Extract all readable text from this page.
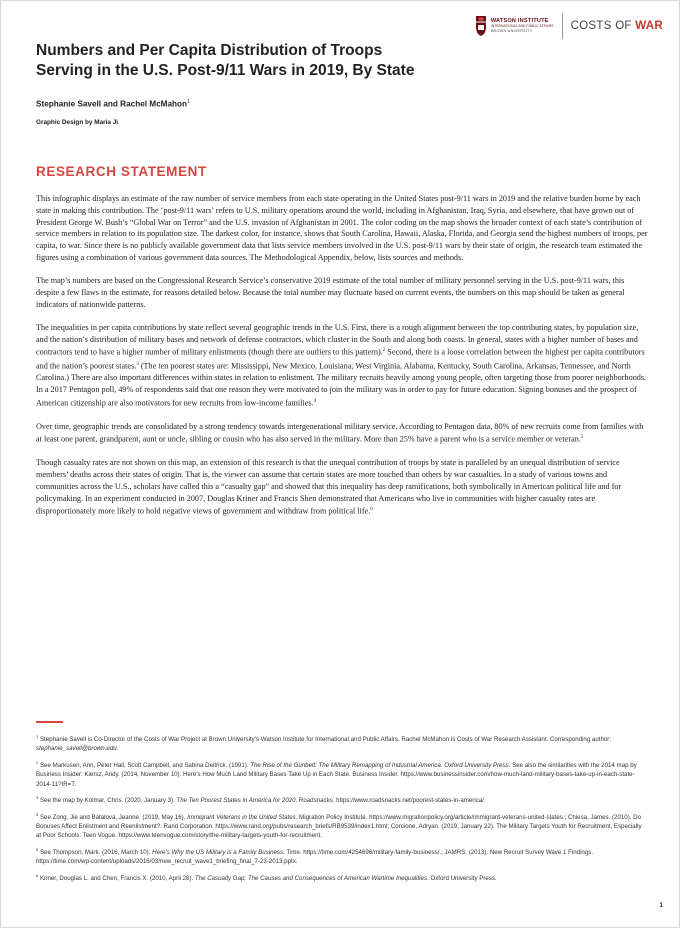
WATSON INSTITUTE
INTERNATIONAL AND PUBLIC AFFAIRS
BROWN UNIVERSITY	COSTS OF WAR
Numbers and Per Capita Distribution of Troops
Serving in the U.S. Post-9/11 Wars in 2019, By State
Stephanie Savell and Rachel McMahon$^1$
Graphic Design by Maria Ji
RESEARCH STATEMENT

This infographic displays an estimate of the raw number of service members from each state operating in the United States post-9/11 wars in 2019 and the relative burden borne by each state in making this contribution. The ‘post-9/11 wars’ refers to U.S. military operations around the world, including in Afghanistan, Iraq, Syria, and elsewhere, that have grown out of President George W. Bush’s “Global War on Terror” and the U.S. invasion of Afghanistan in 2001. The color coding on the map shows the broader context of each state’s contribution of service members in relation to its population size. The darkest color, for instance, shows that South Carolina, Hawaii, Alaska, Florida, and Georgia send the highest numbers of troops, per capita, to war. Since there is no publicly available government data that lists service members involved in the U.S. post-9/11 wars by their state of origin, the research team estimated the figures using a combination of various government data sources. The Methodological Appendix, below, lists sources and methods.

The map’s numbers are based on the Congressional Research Service’s conservative 2019 estimate of the total number of military personnel serving in the U.S. post-9/11 wars, this despite a few flaws in the estimate, for reasons detailed below. Because the total number may fluctuate based on current events, the numbers on this map should be taken as general indicators of nationwide patterns.

The inequalities in per capita contributions by state reflect several geographic trends in the U.S. First, there is a rough alignment between the top contributing states, by population size, and the nation’s distribution of military bases and network of defense contractors, which cluster in the South and along both coasts. In general, states with a higher number of bases and contractors tend to have a higher number of military enlistments (though there are outliers to this pattern).$^2$ Second, there is a loose correlation between the highest per capita contributors and the nation’s poorest states.$^3$ (The ten poorest states are: Mississippi, New Mexico, Louisiana, West Virginia, Alabama, Kentucky, South Carolina, Arkansas, Tennessee, and North Carolina.) There are also important differences within states in relation to enlistment. The military recruits heavily among young people, often targeting those from poorer neighborhoods. In a 2017 Pentagon poll, 49% of respondents said that one reason they were motivated to join the military was in order to pay for future education. Signing bonuses and the prospect of American citizenship are also motivators for new recruits from low-income families.$^4$

Over time, geographic trends are consolidated by a strong tendency towards intergenerational military service. According to Pentagon data, 80% of new recruits come from families with at least one parent, grandparent, aunt or uncle, sibling or cousin who has also served in the military. More than 25% have a parent who is a service member or veteran.$^5$

Though casualty rates are not shown on this map, an extension of this research is that the unequal contribution of troops by state is paralleled by an unequal distribution of service members’ deaths across their states of origin. That is, the viewer can assume that certain states are more touched than others by war casualties. In a study of various towns and communities across the U.S., scholars have called this a “casualty gap” and showed that this inequality has deep ramifications, both symbolically in American political life and for policymaking. In an experiment conducted in 2007, Douglas Kriner and Francis Shen demonstrated that Americans who live in communities with higher casualty rates are disproportionately more likely to hold negative views of government and withdraw from political life.$^6$

$^1$ Stephanie Savell is Co-Director of the Costs of War Project at Brown University’s Watson Institute for International and Public Affairs. Rachel McMahon is Costs of War Research Assistant. Corresponding author: stephanie_savell@brown.edu.
$^2$ See Markusen, Ann, Peter Hall, Scott Campbell, and Sabina Deitrick. (1991). The Rise of the Gunbelt: The Military Remapping of Industrial America. Oxford University Press. See also the similarities with the 2014 map by Business Insider: Kiersz, Andy. (2014, November 10). Here’s How Much Land Military Bases Take Up in Each State. Business Insider. https://www.businessinsider.com/how-much-land-military-bases-take-up-in-each-state-2014-11?IR=T.
$^3$ See the map by Kolmar, Chris. (2020, January 3). The Ten Poorest States in America for 2020. Roadsnacks. https://www.roadsnacks.net/poorest-states-in-america/.
$^4$ See Zong, Jie and Batalova, Jeanne. (2019, May 16). Immigrant Veterans in the United States. Migration Policy Institute. https://www.migrationpolicy.org/article/immigrant-veterans-united-states.; Chiesa, James. (2010). Do Bonuses Affect Enlistment and Reenlistment?. Rand Corporation. https://www.rand.org/pubs/research_briefs/RB9539/index1.html; Corcione, Adryan. (2019, January 22). The Military Targets Youth for Recruitment, Especially at Poor Schools. Teen Vogue. https://www.teenvogue.com/story/the-military-targets-youth-for-recruitment.
$^5$ See Thompson, Mark. (2016, March 10). Here’s Why the US Military is a Family Business. Time. https://time.com/4254696/military-family-business/.; JAMRS. (2013). New Recruit Survey Wave 1 Findings. https://time.com/wp-content/uploads/2016/03/new_recruit_wave1_briefing_final_7-23-2013.pptx.
$^6$ Kriner, Douglas L. and Chen, Francis X. (2010, April 28). The Casualty Gap: The Causes and Consequences of American Wartime Inequalities. Oxford University Press.
1
